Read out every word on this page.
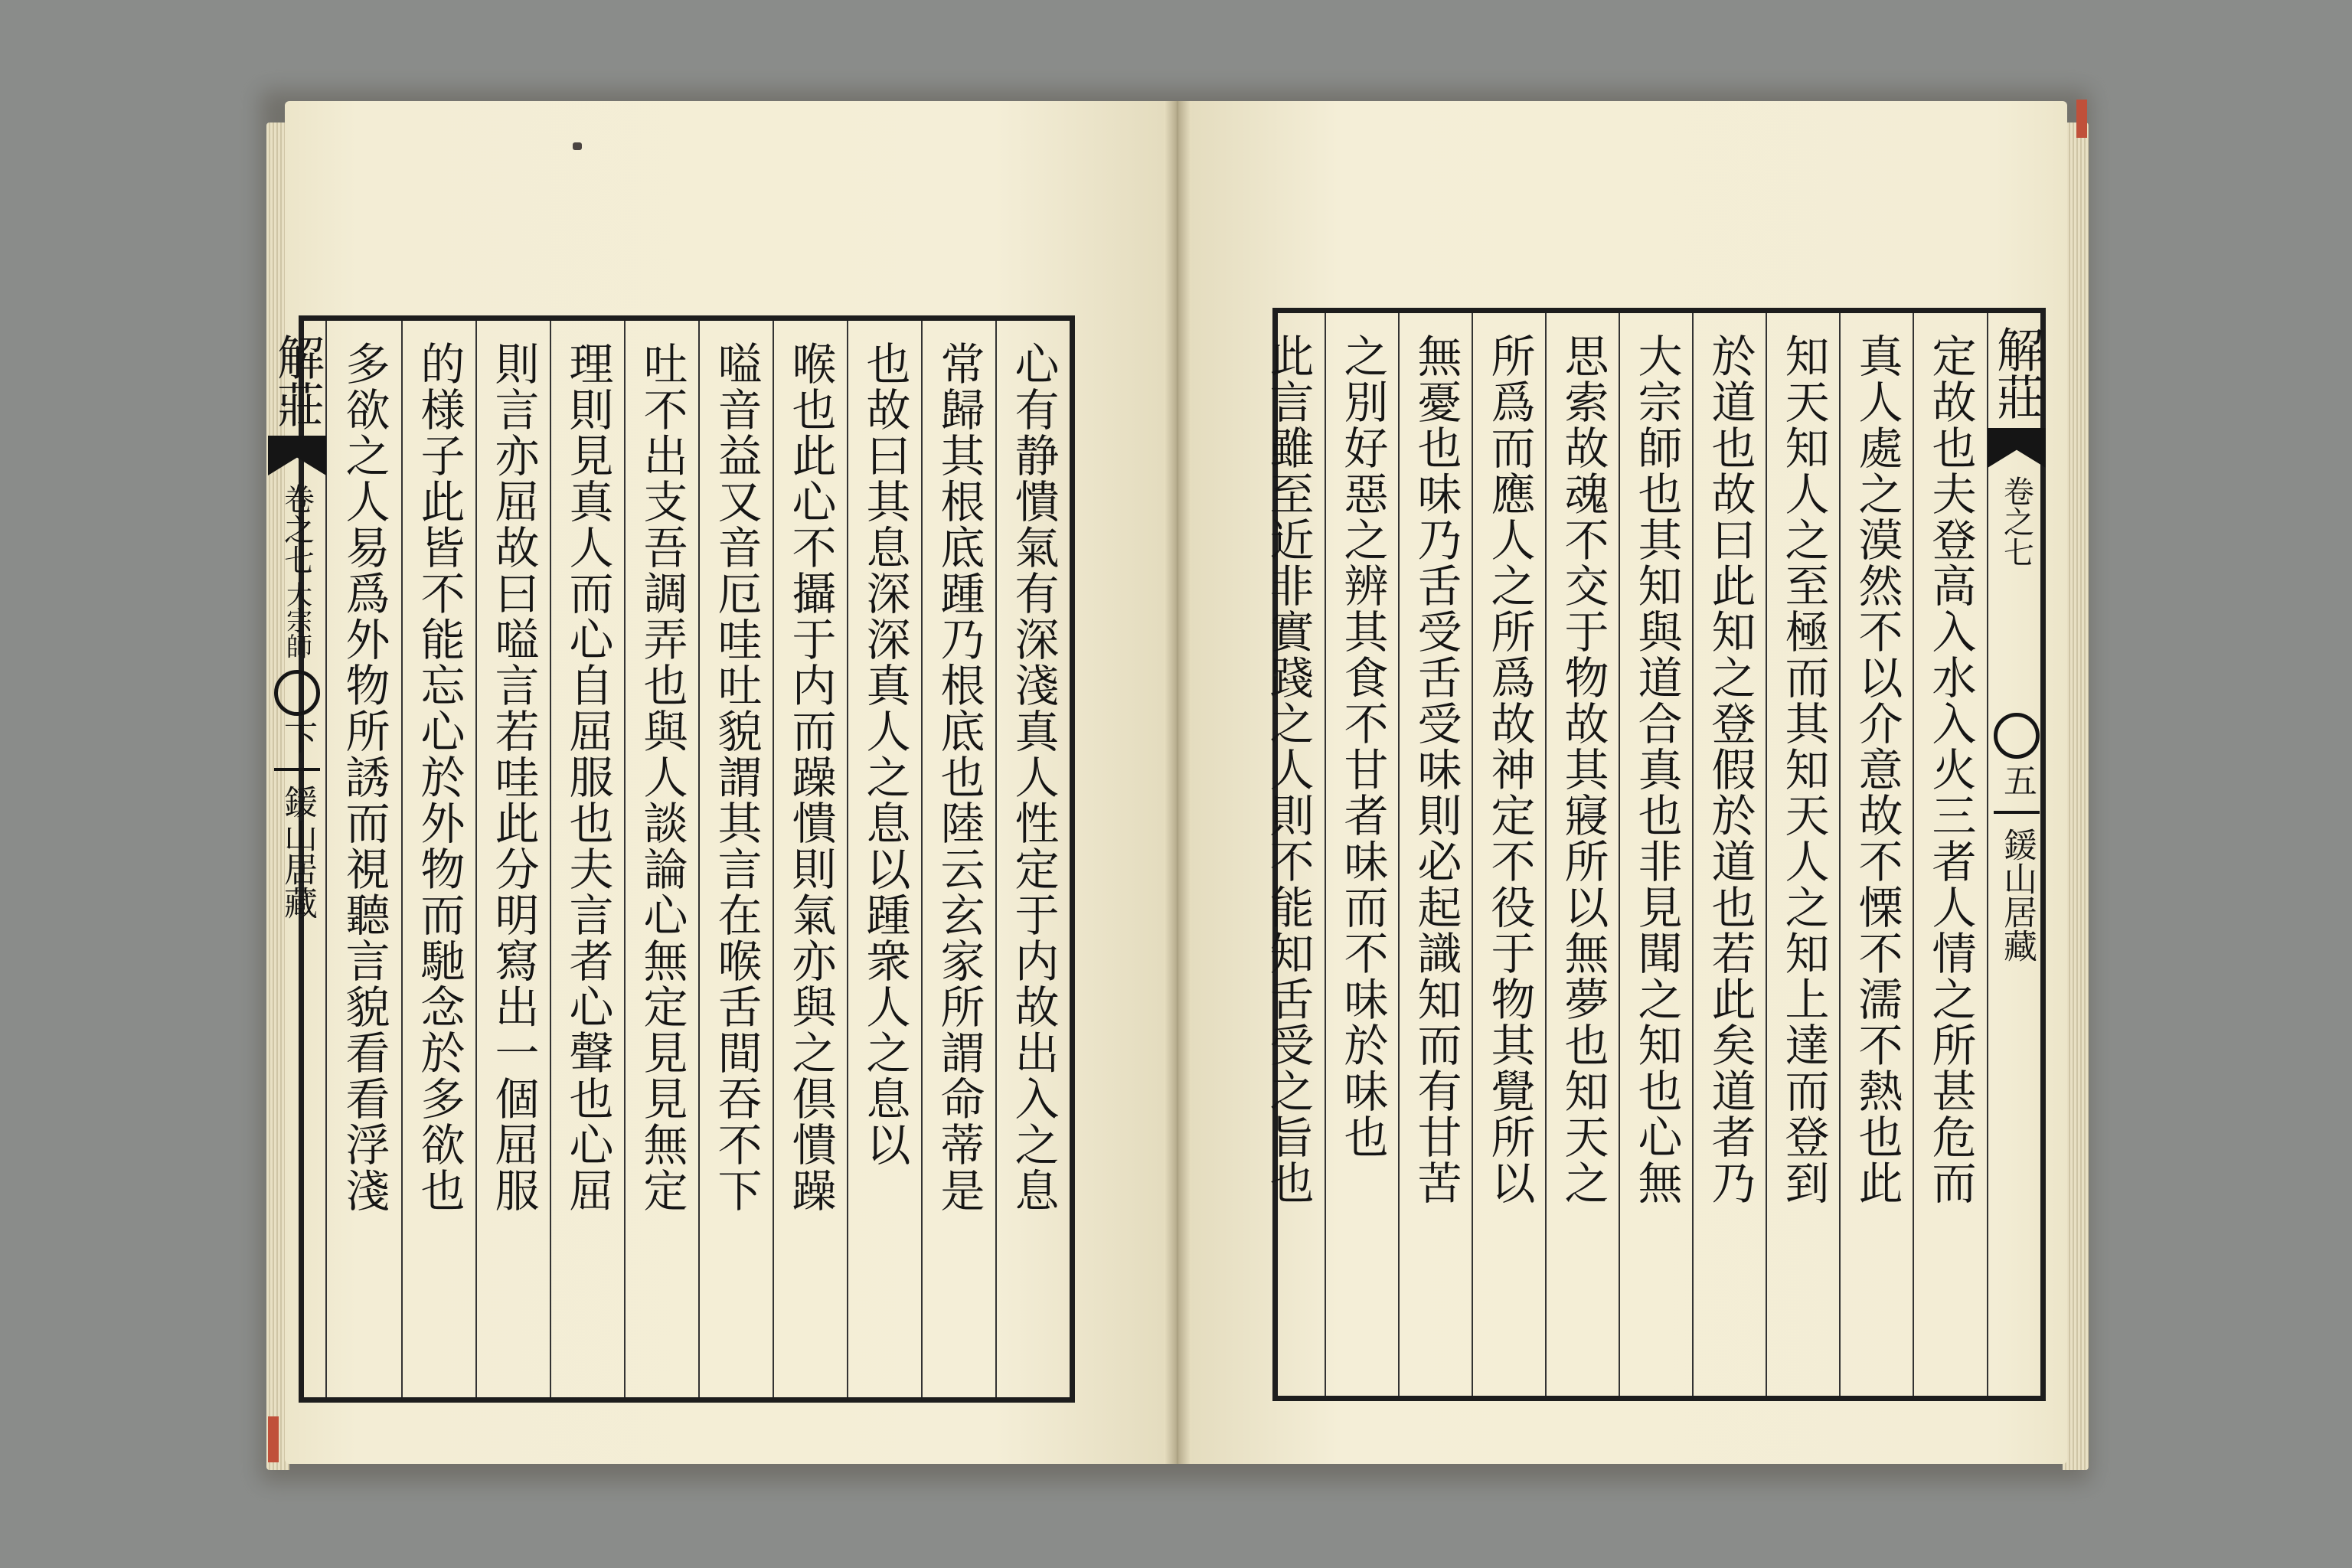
心有静憒氣有深淺真人性定于内故出入之息
常歸其根底踵乃根底也陸云玄家所謂命蒂是
也故曰其息深深真人之息以踵衆人之息以
喉也此心不攝于内而躁憒則氣亦與之倶憒躁
嗌音益又音厄哇吐貌謂其言在喉舌間吞不下
吐不出支吾調弄也與人談論心無定見見無定
理則見真人而心自屈服也夫言者心聲也心屈
則言亦屈故曰嗌言若哇此分明寫出一個屈服
的様子此皆不能忘心於外物而馳念於多欲也
多欲之人易爲外物所誘而視聽言貌看看浮淺
解莊
卷之七
大宗師
下
鍰山居藏
解莊
卷之七
五
鍰山居藏
定故也夫登高入水入火三者人情之所甚危而
真人處之漠然不以介意故不慄不濡不熱也此
知天知人之至極而其知天人之知上達而登到
於道也故曰此知之登假於道也若此矣道者乃
大宗師也其知與道合真也非見聞之知也心無
思索故魂不交于物故其寢所以無夢也知天之
所爲而應人之所爲故神定不役于物其覺所以
無憂也味乃舌受舌受味則必起識知而有甘苦
之別好惡之辨其食不甘者味而不味於味也
此言雖至近非實踐之人則不能知舌受之旨也
